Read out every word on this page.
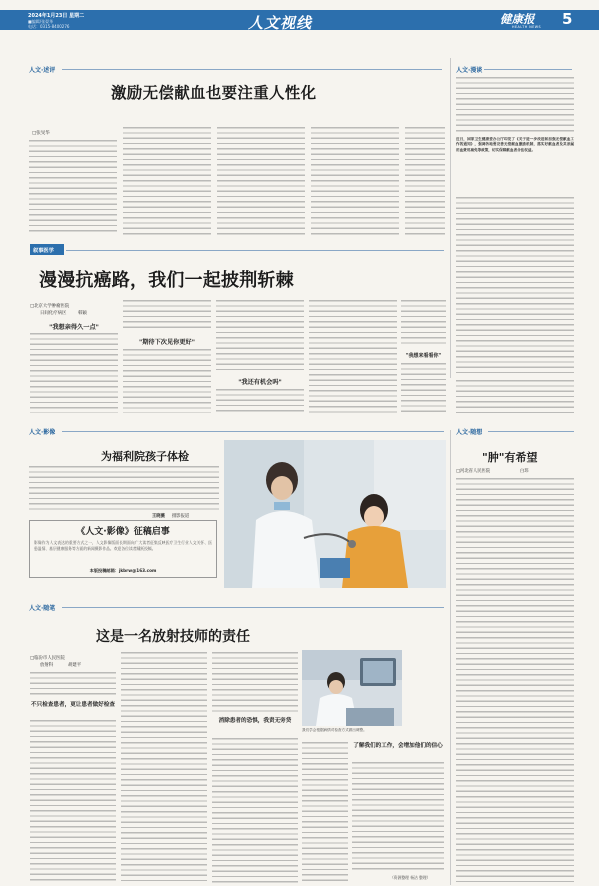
2024年1月23日 星期二
■编辑/张晏华
电话：0315-8400276	人文视线	健康报
HEALTH NEWS 5
人文·述评
激励无偿献血也要注重人性化
□张旻华
人文·漫谈
近日，国家卫生健康委办公厅印发了《关于进一步改进和加强无偿献血工作的通知》，强调各地要完善无偿献血激励机制，落实好献血者及其亲属用血费用减免等政策，切实保障献血者合法权益。
叙事医学
漫漫抗癌路，我们一起披荆斩棘
□北京大学肿瘤医院
日间化疗病区	韩颖
"我想亲得久一点"
"期待下次见你更好"
"我还有机会吗"
"我想来看看你"
人文·影像
为福利院孩子体检
王晓薇 摄影报道
《人文·影像》征稿启事
影像作为人文表达的重要方式之一，人文影像版面长期面向广大读者征集反映医疗卫生行业人文关怀、医患温情、基层健康服务等方面的新闻摄影作品。欢迎各位读者踊跃投稿。
本版投稿邮箱：jkbrw@163.com
人文·随想
"肿"有希望
□河北省人民医院	白玮
人文·随笔
这是一名放射技师的责任
□临汾市人民医院
放射科	胡建平
不只检查患者，更让患者做好检查
消除患者的恐惧，我责无旁贷
我们学会根据病情对检查方式做出调整。
了解我们的工作，会增加他们的信心
（资源整理 杨洁 整理）
